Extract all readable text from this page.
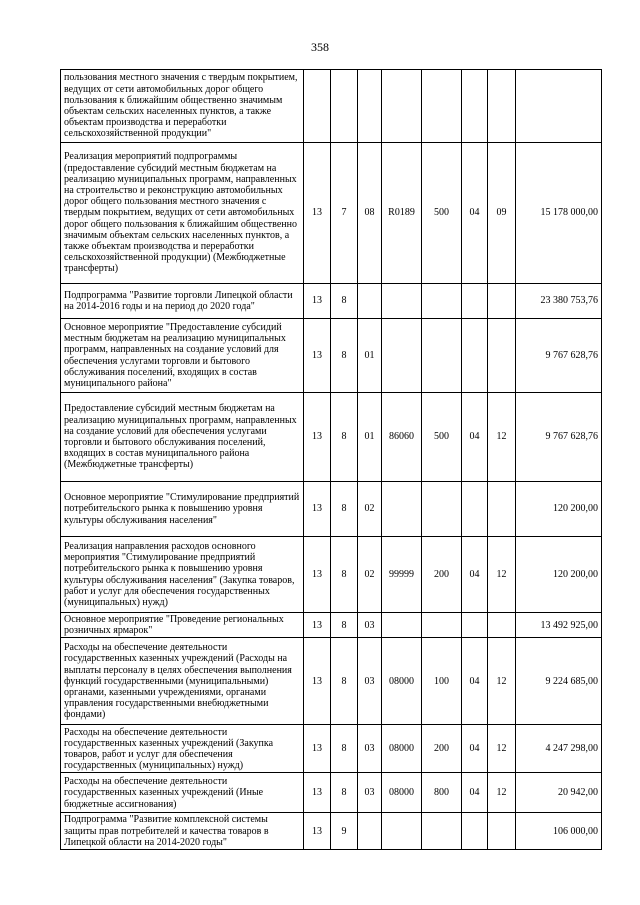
358
пользования местного значения с твердым покрытием, ведущих от сети автомобильных дорог общего пользования к ближайшим общественно значимым объектам сельских населенных пунктов, а также объектам производства и переработки сельскохозяйственной продукции"								
Реализация мероприятий подпрограммы (предоставление субсидий местным бюджетам на реализацию муниципальных программ, направленных на строительство и реконструкцию автомобильных дорог общего пользования местного значения с твердым покрытием, ведущих от сети автомобильных дорог общего пользования к ближайшим общественно значимым объектам сельских населенных пунктов, а также объектам производства и переработки сельскохозяйственной продукции) (Межбюджетные трансферты)	13	7	08	R0189	500	04	09	15 178 000,00
Подпрограмма "Развитие торговли Липецкой области на 2014-2016 годы и на период до 2020 года"	13	8						23 380 753,76
Основное мероприятие "Предоставление субсидий местным бюджетам на реализацию муниципальных программ, направленных на создание условий для обеспечения услугами торговли и бытового обслуживания поселений, входящих в состав муниципального района"	13	8	01					9 767 628,76
Предоставление субсидий местным бюджетам на реализацию муниципальных программ, направленных на создание условий для обеспечения услугами торговли и бытового обслуживания поселений, входящих в состав муниципального района (Межбюджетные трансферты)	13	8	01	86060	500	04	12	9 767 628,76
Основное мероприятие "Стимулирование предприятий потребительского рынка к повышению уровня культуры обслуживания населения"	13	8	02					120 200,00
Реализация направления расходов основного мероприятия "Стимулирование предприятий потребительского рынка к повышению уровня культуры обслуживания населения" (Закупка товаров, работ и услуг для обеспечения государственных (муниципальных) нужд)	13	8	02	99999	200	04	12	120 200,00
Основное мероприятие "Проведение региональных розничных ярмарок"	13	8	03					13 492 925,00
Расходы на обеспечение деятельности государственных казенных учреждений (Расходы на выплаты персоналу в целях обеспечения выполнения функций государственными (муниципальными) органами, казенными учреждениями, органами управления государственными внебюджетными фондами)	13	8	03	08000	100	04	12	9 224 685,00
Расходы на обеспечение деятельности государственных казенных учреждений (Закупка товаров, работ и услуг для обеспечения государственных (муниципальных) нужд)	13	8	03	08000	200	04	12	4 247 298,00
Расходы на обеспечение деятельности государственных казенных учреждений (Иные бюджетные ассигнования)	13	8	03	08000	800	04	12	20 942,00
Подпрограмма "Развитие комплексной системы защиты прав потребителей и качества товаров в Липецкой области на 2014-2020 годы"	13	9						106 000,00
